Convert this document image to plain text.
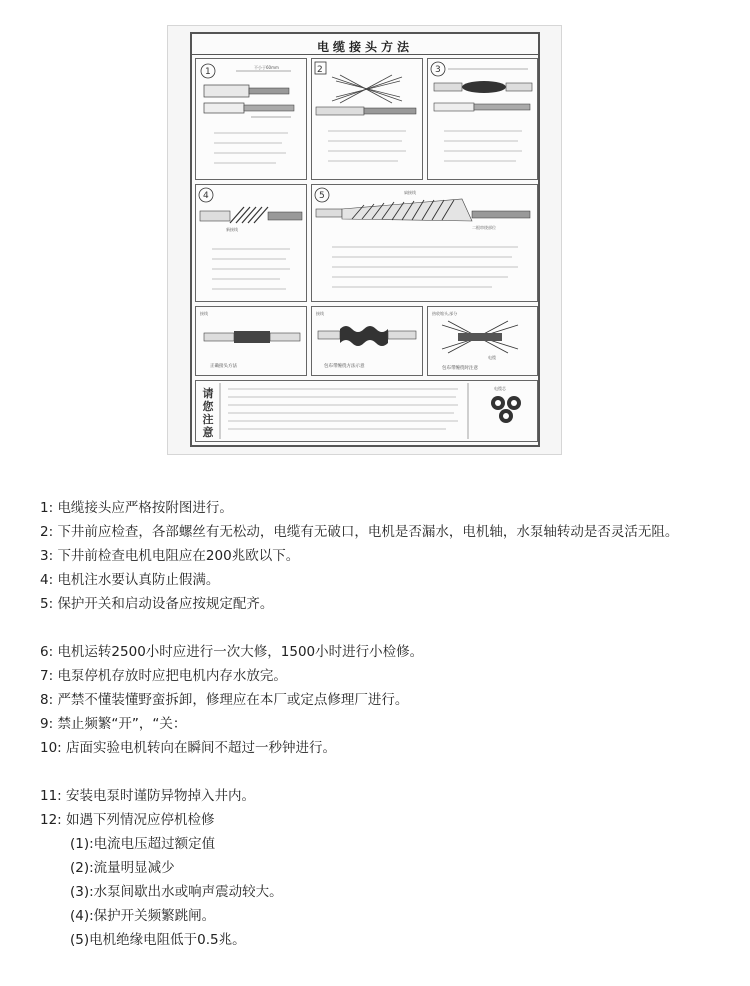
电缆接头方法
1	不小于60mm	2	3
4
新接线
5	扁接线
二根串绕部位
接线
正确接头方法
接线
包布带缠绕方法示意
热收缩头,部分
电缆
包布带缠绕时注意
请您注意
电缆芯
1: 电缆接头应严格按附图进行。
2: 下井前应检查，各部螺丝有无松动，电缆有无破口，电机是否漏水，电机轴，水泵轴转动是否灵活无阻。
3: 下井前检查电机电阻应在200兆欧以下。
4: 电机注水要认真防止假满。
5: 保护开关和启动设备应按规定配齐。
6: 电机运转2500小时应进行一次大修，1500小时进行小检修。
7: 电泵停机存放时应把电机内存水放完。
8: 严禁不懂装懂野蛮拆卸，修理应在本厂或定点修理厂进行。
9: 禁止频繁“开”，“关：
10: 店面实验电机转向在瞬间不超过一秒钟进行。
11: 安装电泵时谨防异物掉入井内。
12: 如遇下列情况应停机检修
(1):电流电压超过额定值
(2):流量明显减少
(3):水泵间歇出水或响声震动较大。
(4):保护开关频繁跳闸。
(5)电机绝缘电阻低于0.5兆。
